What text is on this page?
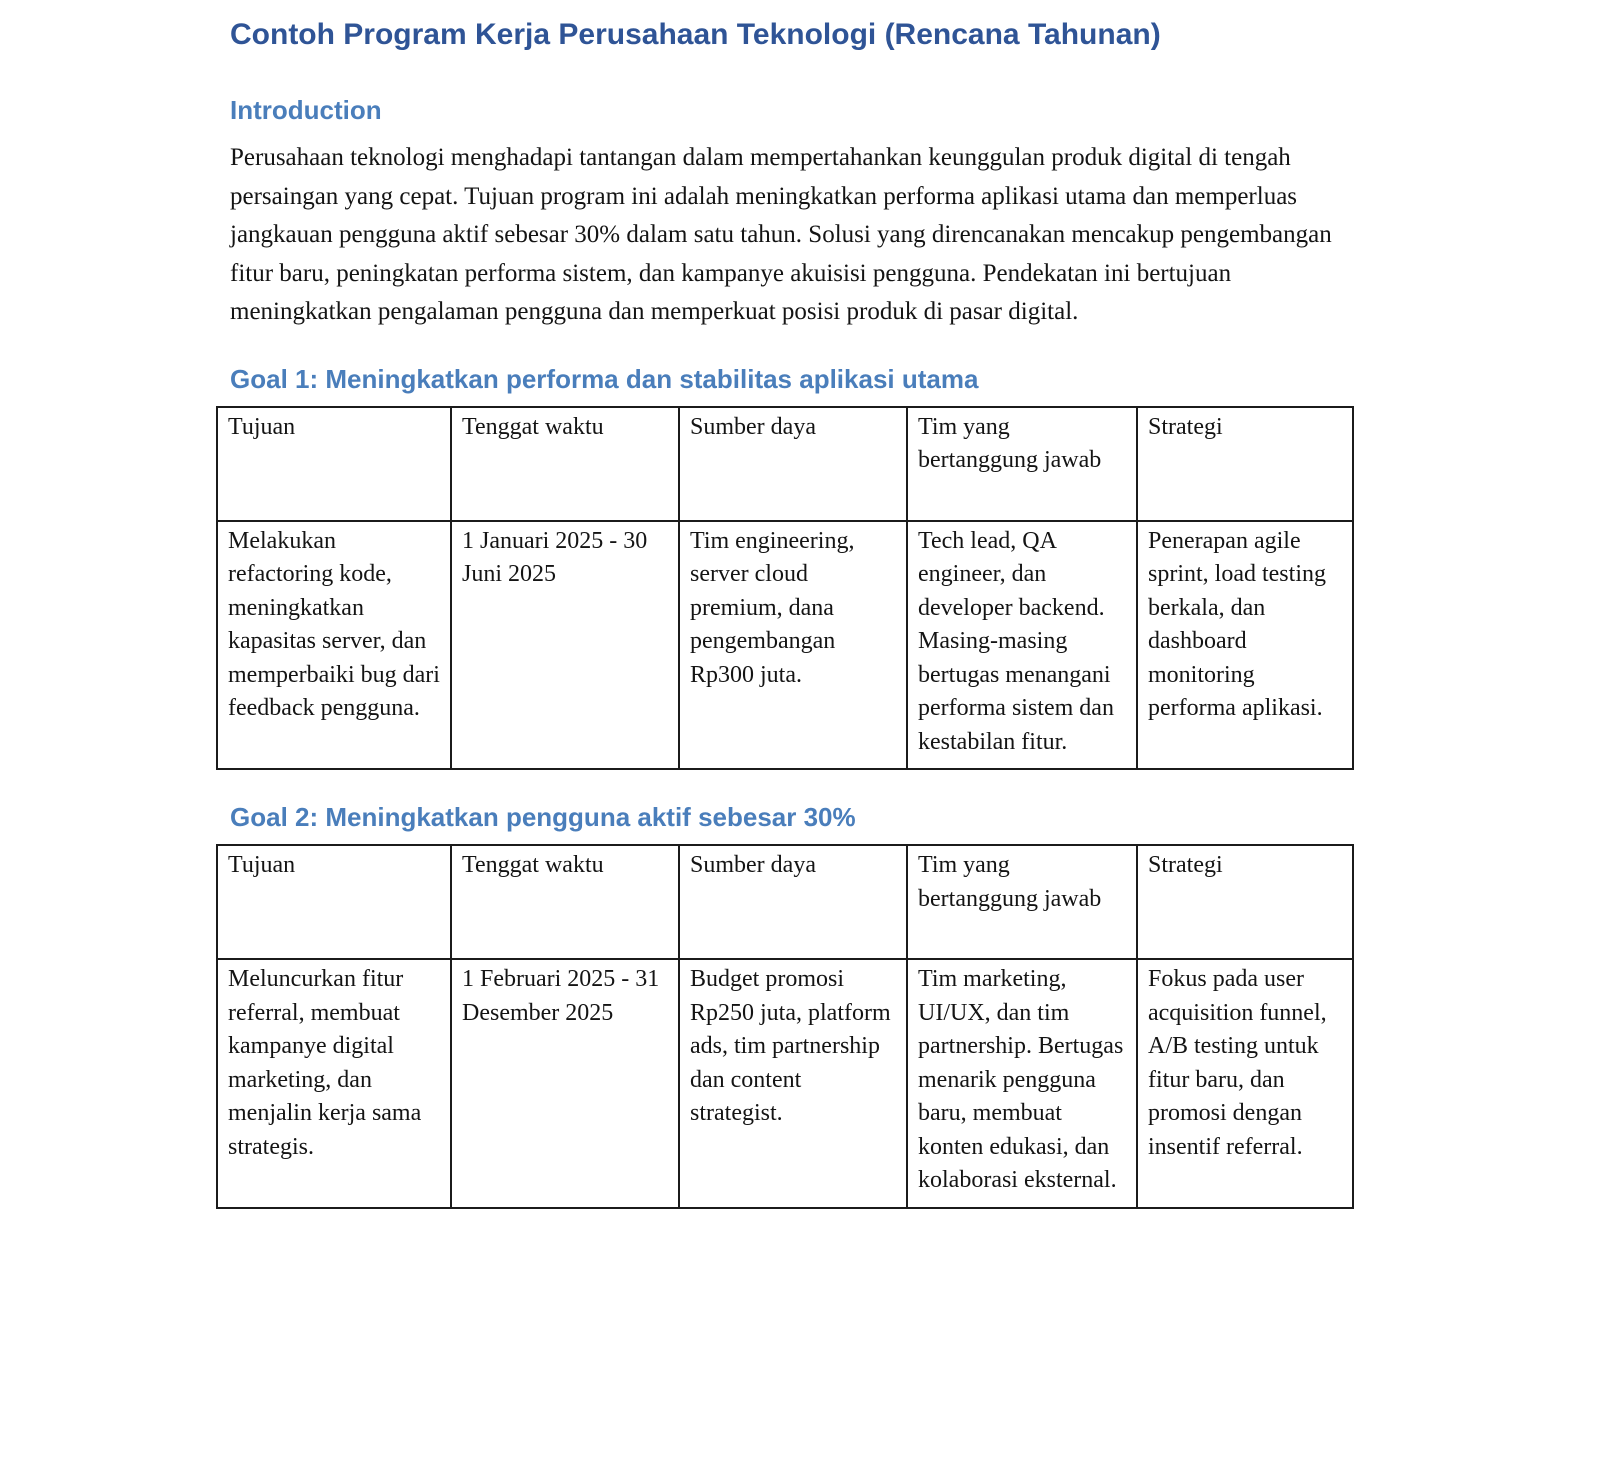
Contoh Program Kerja Perusahaan Teknologi (Rencana Tahunan)
Introduction

Perusahaan teknologi menghadapi tantangan dalam mempertahankan keunggulan produk digital di tengah persaingan yang cepat. Tujuan program ini adalah meningkatkan performa aplikasi utama dan memperluas jangkauan pengguna aktif sebesar 30% dalam satu tahun. Solusi yang direncanakan mencakup pengembangan fitur baru, peningkatan performa sistem, dan kampanye akuisisi pengguna. Pendekatan ini bertujuan meningkatkan pengalaman pengguna dan memperkuat posisi produk di pasar digital.

Goal 1: Meningkatkan performa dan stabilitas aplikasi utama
Tujuan	Tenggat waktu	Sumber daya	Tim yang bertanggung jawab	Strategi
Melakukan refactoring kode, meningkatkan kapasitas server, dan memperbaiki bug dari feedback pengguna.	1 Januari 2025 - 30 Juni 2025	Tim engineering, server cloud premium, dana pengembangan Rp300 juta.	Tech lead, QA engineer, dan developer backend. Masing-masing bertugas menangani performa sistem dan kestabilan fitur.	Penerapan agile sprint, load testing berkala, dan dashboard monitoring performa aplikasi.
Goal 2: Meningkatkan pengguna aktif sebesar 30%
Tujuan	Tenggat waktu	Sumber daya	Tim yang bertanggung jawab	Strategi
Meluncurkan fitur referral, membuat kampanye digital marketing, dan menjalin kerja sama strategis.	1 Februari 2025 - 31 Desember 2025	Budget promosi Rp250 juta, platform ads, tim partnership dan content strategist.	Tim marketing, UI/UX, dan tim partnership. Bertugas menarik pengguna baru, membuat konten edukasi, dan kolaborasi eksternal.	Fokus pada user acquisition funnel, A/B testing untuk fitur baru, dan promosi dengan insentif referral.
